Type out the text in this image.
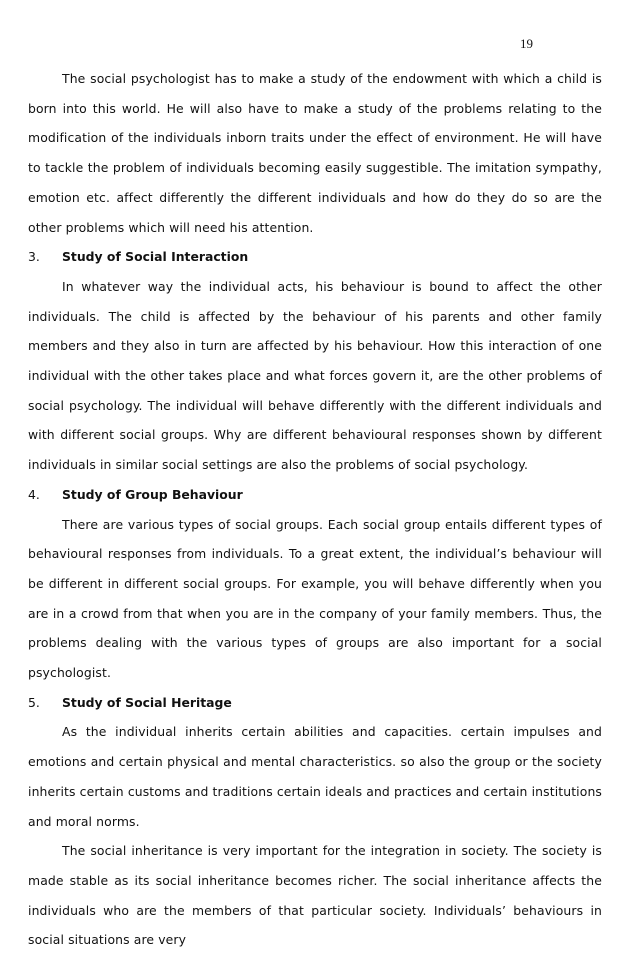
19

The social psychologist has to make a study of the endowment with which a child is born into this world. He will also have to make a study of the problems relating to the modification of the individuals inborn traits under the effect of environment. He will have to tackle the problem of individuals becoming easily suggestible. The imitation sympathy, emotion etc. affect differently the different individuals and how do they do so are the other problems which will need his attention.

3.	Study of Social Interaction

In whatever way the individual acts, his behaviour is bound to affect the other individuals. The child is affected by the behaviour of his parents and other family members and they also in turn are affected by his behaviour. How this interaction of one individual with the other takes place and what forces govern it, are the other problems of social psychology. The individual will behave differently with the different individuals and with different social groups. Why are different behavioural responses shown by different individuals in similar social settings are also the problems of social psychology.

4.	Study of Group Behaviour

There are various types of social groups. Each social group entails different types of behavioural responses from individuals. To a great extent, the individual’s behaviour will be different in different social groups. For example, you will behave differently when you are in a crowd from that when you are in the company of your family members. Thus, the problems dealing with the various types of groups are also important for a social psychologist.

5.	Study of Social Heritage

As the individual inherits certain abilities and capacities. certain impulses and emotions and certain physical and mental characteristics. so also the group or the society inherits certain customs and traditions certain ideals and practices and certain institutions and moral norms.

The social inheritance is very important for the integration in society. The society is made stable as its social inheritance becomes richer. The social inheritance affects the individuals who are the members of that particular society. Individuals’ behaviours in social situations are very
